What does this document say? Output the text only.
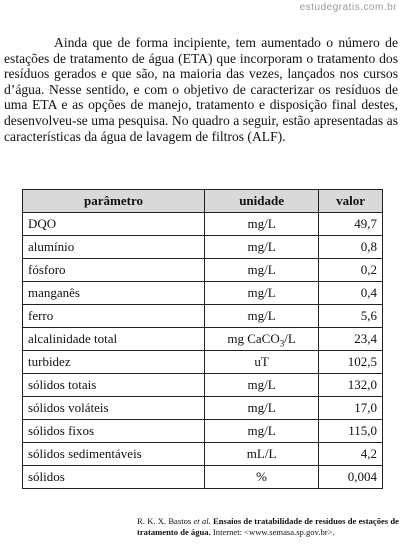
estudegratis.com.br

Ainda que de forma incipiente, tem aumentado o número de estações de tratamento de água (ETA) que incorporam o tratamento dos resíduos gerados e que são, na maioria das vezes, lançados nos cursos d’água. Nesse sentido, e com o objetivo de caracterizar os resíduos de uma ETA e as opções de manejo, tratamento e disposição final destes, desenvolveu-se uma pesquisa. No quadro a seguir, estão apresentadas as características da água de lavagem de filtros (ALF).

parâmetro	unidade	valor
DQO	mg/L	49,7
alumínio	mg/L	0,8
fósforo	mg/L	0,2
manganês	mg/L	0,4
ferro	mg/L	5,6
alcalinidade total	mg CaCO$_3$/L	23,4
turbidez	uT	102,5
sólidos totais	mg/L	132,0
sólidos voláteis	mg/L	17,0
sólidos fixos	mg/L	115,0
sólidos sedimentáveis	mL/L	4,2
sólidos	%	0,004

R. K. X. Bastos et al. Ensaios de tratabilidade de resíduos de estações de tratamento de água. Internet: <www.semasa.sp.gov.br>.
